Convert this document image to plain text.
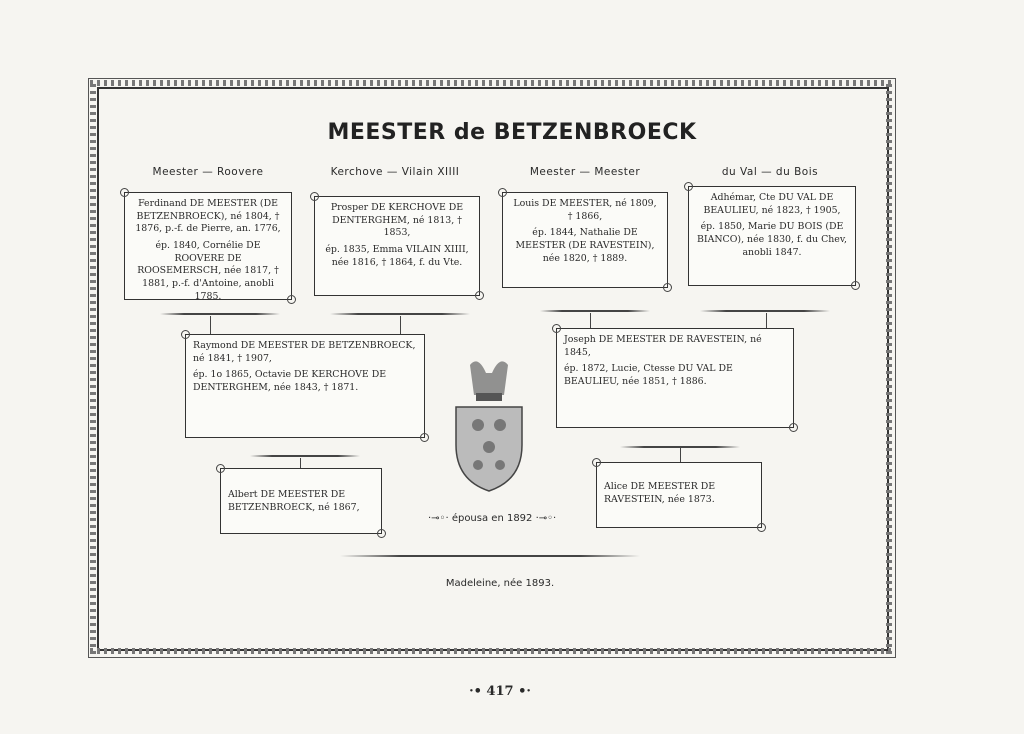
MEESTER de BETZENBROECK
Meester — Roovere	Kerchove — Vilain XIIII	Meester — Meester	du Val — du Bois

Ferdinand DE MEESTER (DE BETZENBROECK), né 1804, † 1876, p.-f. de Pierre, an. 1776,

ép. 1840, Cornélie DE ROOVERE DE ROOSEMERSCH, née 1817, † 1881, p.-f. d'Antoine, anobli 1785.

Prosper DE KERCHOVE DE DENTERGHEM, né 1813, † 1853,

ép. 1835, Emma VILAIN XIIII, née 1816, † 1864, f. du Vte.

Louis DE MEESTER, né 1809, † 1866,

ép. 1844, Nathalie DE MEESTER (DE RAVESTEIN), née 1820, † 1889.

Adhémar, Cte DU VAL DE BEAULIEU, né 1823, † 1905,

ép. 1850, Marie DU BOIS (DE BIANCO), née 1830, f. du Chev, anobli 1847.

Raymond DE MEESTER DE BETZENBROECK, né 1841, † 1907,

ép. 1o 1865, Octavie DE KERCHOVE DE DENTERGHEM, née 1843, † 1871.

Joseph DE MEESTER DE RAVESTEIN, né 1845,

ép. 1872, Lucie, Ctesse DU VAL DE BEAULIEU, née 1851, † 1886.

Albert DE MEESTER DE BETZENBROECK, né 1867,

Alice DE MEESTER DE RAVESTEIN, née 1873.

·⊸◦· épousa en 1892 ·⊸◦·
Madeleine, née 1893.
·• 417 •·
